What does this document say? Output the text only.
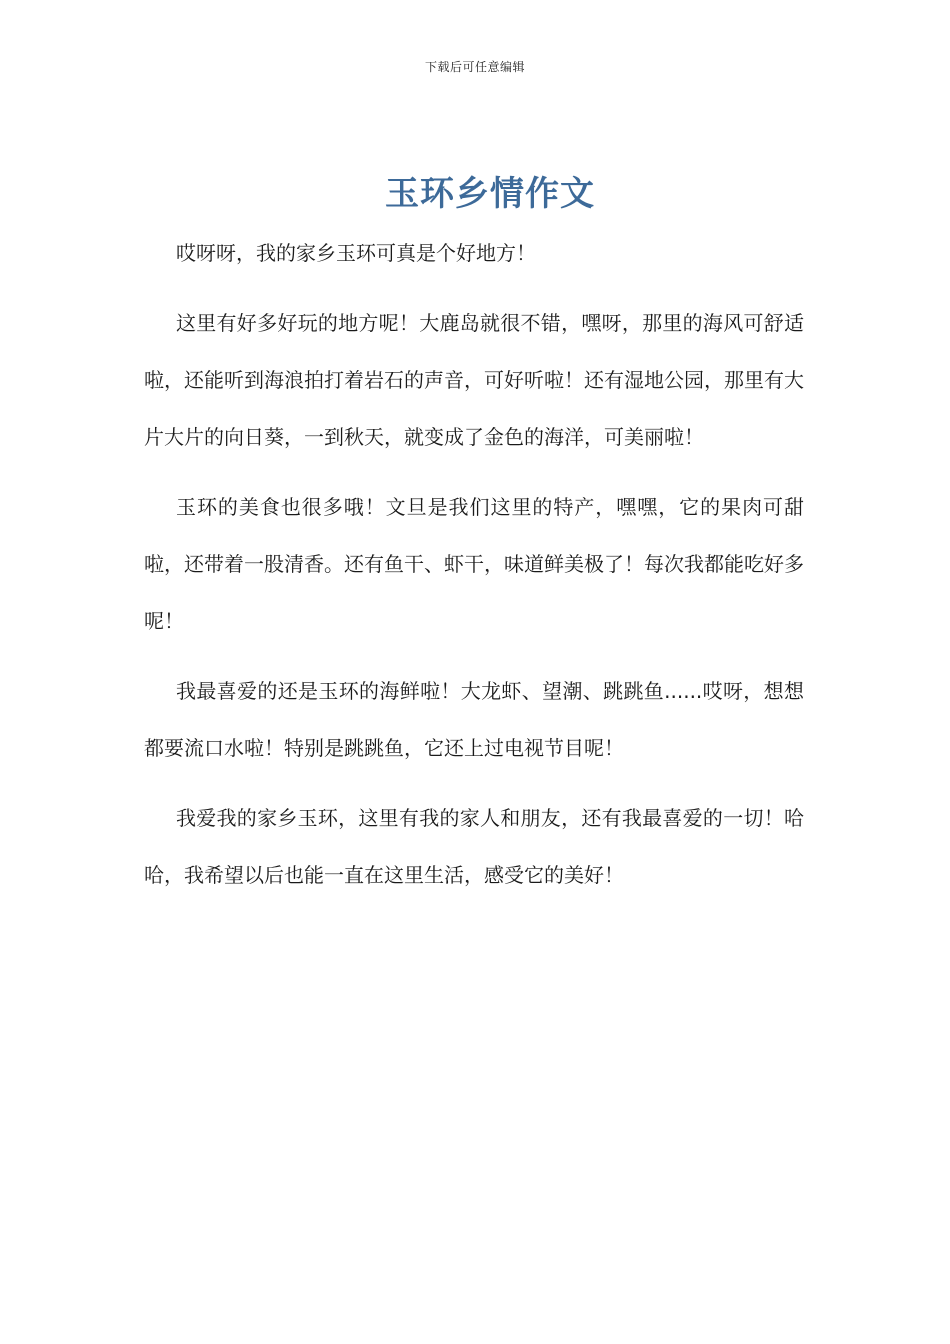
下载后可任意编辑
玉环乡情作文

哎呀呀，我的家乡玉环可真是个好地方！

这里有好多好玩的地方呢！大鹿岛就很不错，嘿呀，那里的海风可舒适啦，还能听到海浪拍打着岩石的声音，可好听啦！还有湿地公园，那里有大片大片的向日葵，一到秋天，就变成了金色的海洋，可美丽啦！

玉环的美食也很多哦！文旦是我们这里的特产，嘿嘿，它的果肉可甜啦，还带着一股清香。还有鱼干、虾干，味道鲜美极了！每次我都能吃好多呢！

我最喜爱的还是玉环的海鲜啦！大龙虾、望潮、跳跳鱼......哎呀，想想都要流口水啦！特别是跳跳鱼，它还上过电视节目呢！

我爱我的家乡玉环，这里有我的家人和朋友，还有我最喜爱的一切！哈哈，我希望以后也能一直在这里生活，感受它的美好！
